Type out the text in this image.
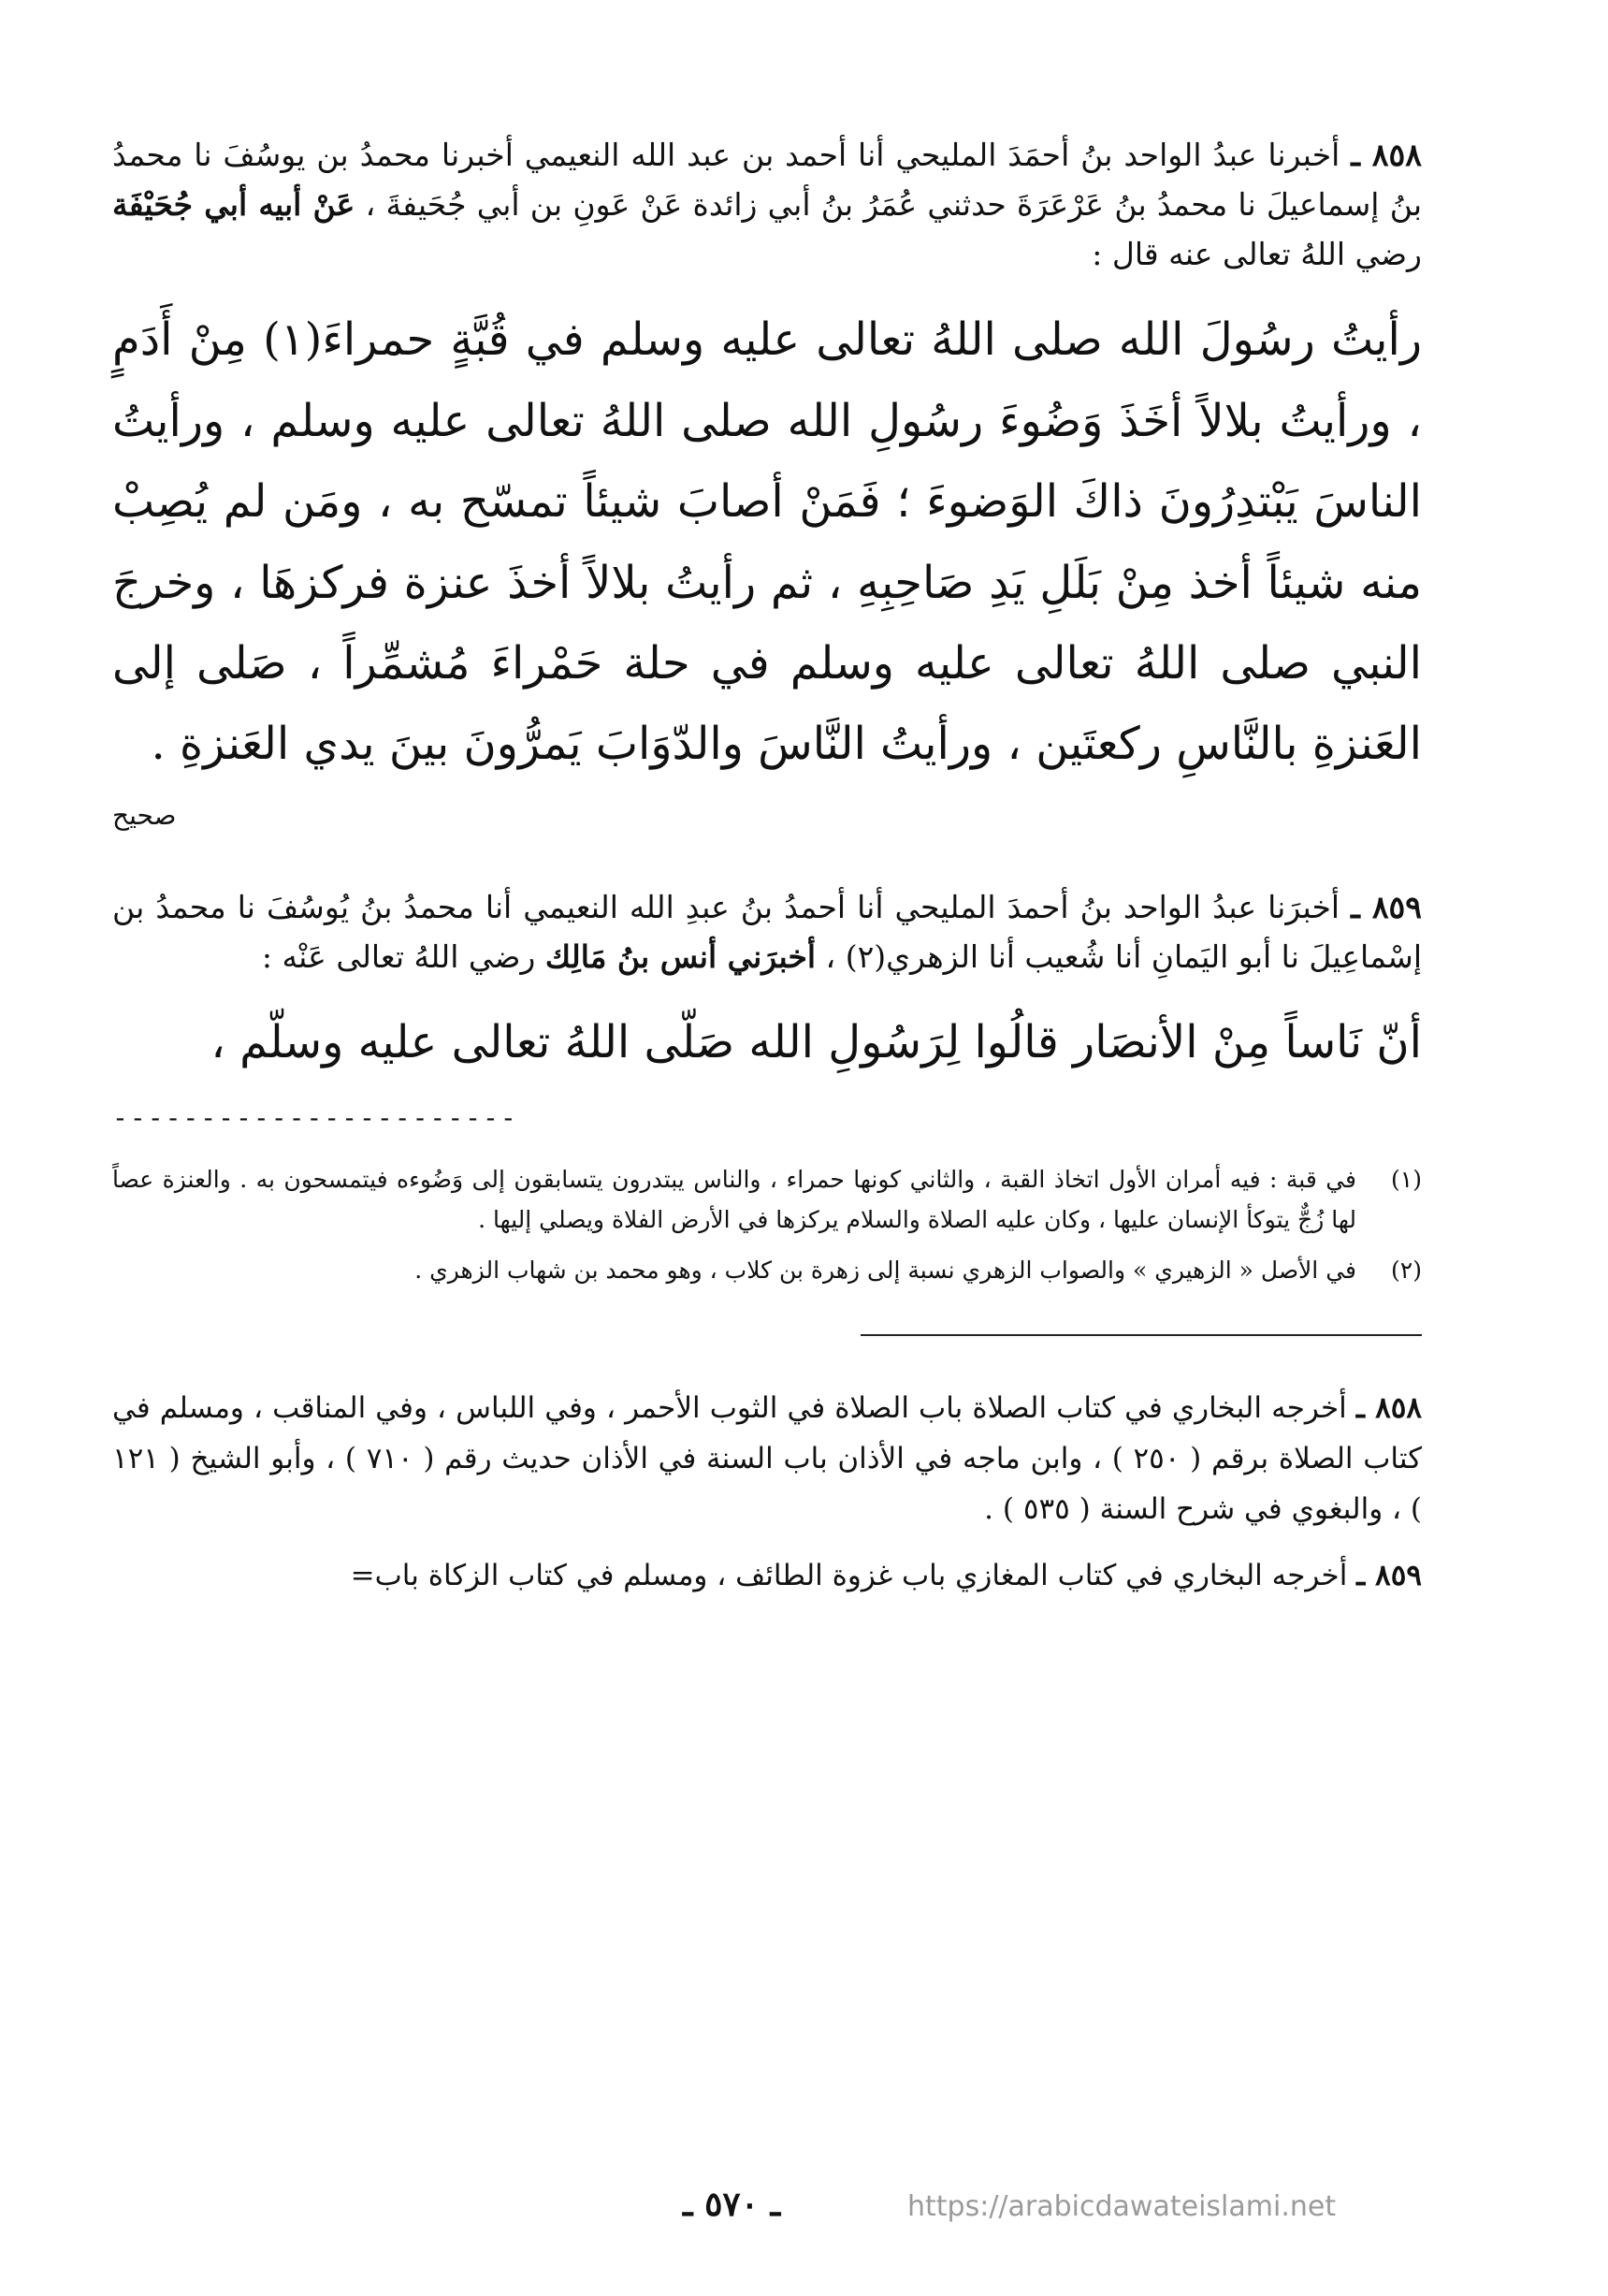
٨٥٨ ـ أخبرنا عبدُ الواحد بنُ أحمَدَ المليحي أنا أحمد بن عبد الله النعيمي أخبرنا محمدُ بن يوسُفَ نا محمدُ بنُ إسماعيلَ نا محمدُ بنُ عَرْعَرَةَ حدثني عُمَرُ بنُ أبي زائدة عَنْ عَونِ بن أبي جُحَيفةَ ، عَنْ أبيه أبي جُحَيْفَة رضي اللهُ تعالى عنه قال :

رأيتُ رسُولَ الله صلى اللهُ تعالى عليه وسلم في قُبَّةٍ حمراءَ(١) مِنْ أَدَمٍ ، ورأيتُ بلالاً أخَذَ وَضُوءَ رسُولِ الله صلى اللهُ تعالى عليه وسلم ، ورأيتُ الناسَ يَبْتدِرُونَ ذاكَ الوَضوءَ ؛ فَمَنْ أصابَ شيئاً تمسّح به ، ومَن لم يُصِبْ منه شيئاً أخذ مِنْ بَلَلِ يَدِ صَاحِبِهِ ، ثم رأيتُ بلالاً أخذَ عنزة فركزهَا ، وخرجَ النبي صلى اللهُ تعالى عليه وسلم في حلة حَمْراءَ مُشمِّراً ، صَلى إلى العَنزةِ بالنَّاسِ ركعتَين ، ورأيتُ النَّاسَ والدّوَابَ يَمرُّونَ بينَ يدي العَنزةِ .

صحيح

٨٥٩ ـ أخبرَنا عبدُ الواحد بنُ أحمدَ المليحي أنا أحمدُ بنُ عبدِ الله النعيمي أنا محمدُ بنُ يُوسُفَ نا محمدُ بن إسْماعِيلَ نا أبو اليَمانِ أنا شُعيب أنا الزهري(٢) ، أخبرَني أنس بنُ مَالِك رضي اللهُ تعالى عَنْه :

أنّ نَاساً مِنْ الأنصَار قالُوا لِرَسُولِ الله صَلّى اللهُ تعالى عليه وسلّم ،

-----------------------
(١)
في قبة : فيه أمران الأول اتخاذ القبة ، والثاني كونها حمراء ، والناس يبتدرون يتسابقون إلى وَضُوءه فيتمسحون به . والعنزة عصاً لها زُجٌّ يتوكأ الإنسان عليها ، وكان عليه الصلاة والسلام يركزها في الأرض الفلاة ويصلي إليها .
(٢)
في الأصل « الزهيري » والصواب الزهري نسبة إلى زهرة بن كلاب ، وهو محمد بن شهاب الزهري .

٨٥٨ ـ أخرجه البخاري في كتاب الصلاة باب الصلاة في الثوب الأحمر ، وفي اللباس ، وفي المناقب ، ومسلم في كتاب الصلاة برقم ( ٢٥٠ ) ، وابن ماجه في الأذان باب السنة في الأذان حديث رقم ( ٧١٠ ) ، وأبو الشيخ ( ١٢١ ) ، والبغوي في شرح السنة ( ٥٣٥ ) .

٨٥٩ ـ أخرجه البخاري في كتاب المغازي باب غزوة الطائف ، ومسلم في كتاب الزكاة باب=

ـ ٥٧٠ ـ	https://arabicdawateislami.net
